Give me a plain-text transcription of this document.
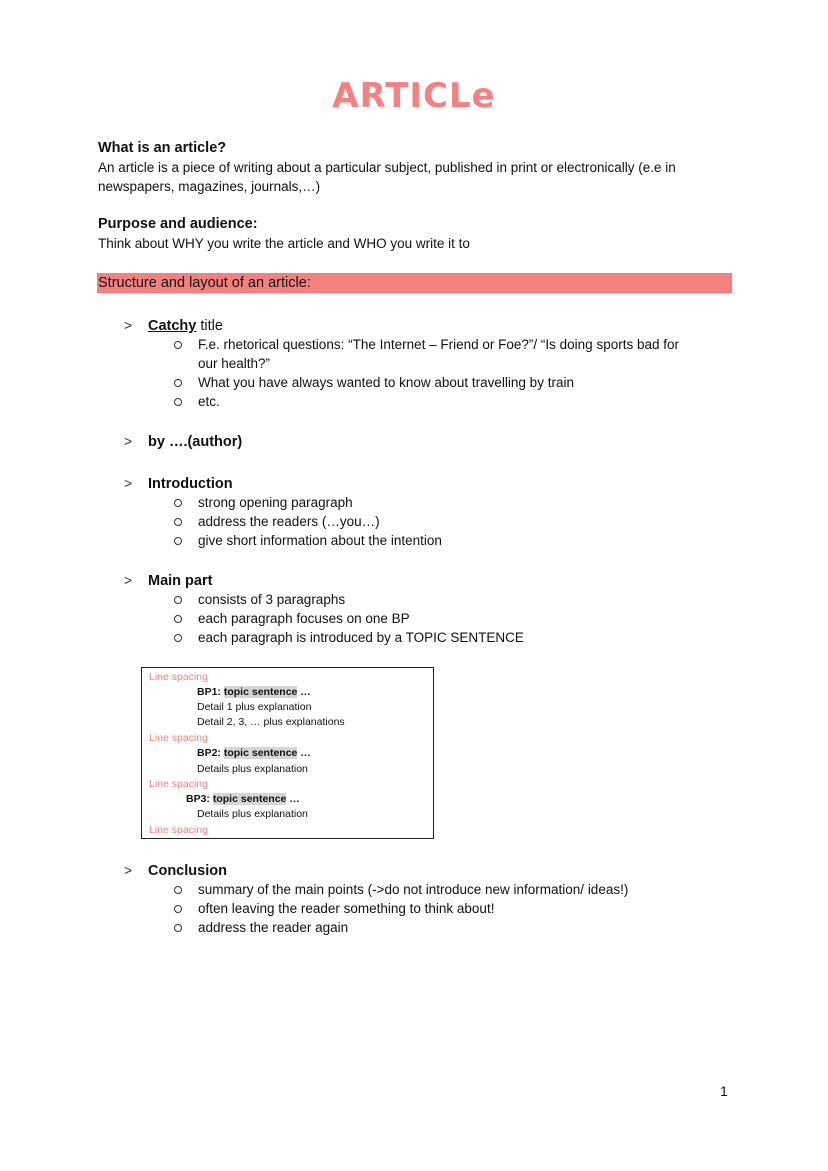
ARTICLe
What is an article?
An article is a piece of writing about a particular subject, published in print or electronically (e.e in
newspapers, magazines, journals,…)
Purpose and audience:
Think about WHY you write the article and WHO you write it to
Structure and layout of an article:
> Catchy title
F.e. rhetorical questions: “The Internet – Friend or Foe?”/ “Is doing sports bad for
our health?”
What you have always wanted to know about travelling by train
etc.
> by ….(author)
> Introduction
strong opening paragraph
address the readers (…you…)
give short information about the intention
> Main part
consists of 3 paragraphs
each paragraph focuses on one BP
each paragraph is introduced by a TOPIC SENTENCE
Line spacing
BP1: topic sentence …
Detail 1 plus explanation
Detail 2, 3, … plus explanations
Line spacing
BP2: topic sentence …
Details plus explanation
Line spacing
BP3: topic sentence …
Details plus explanation
Line spacing
> Conclusion
summary of the main points (->do not introduce new information/ ideas!)
often leaving the reader something to think about!
address the reader again
1
